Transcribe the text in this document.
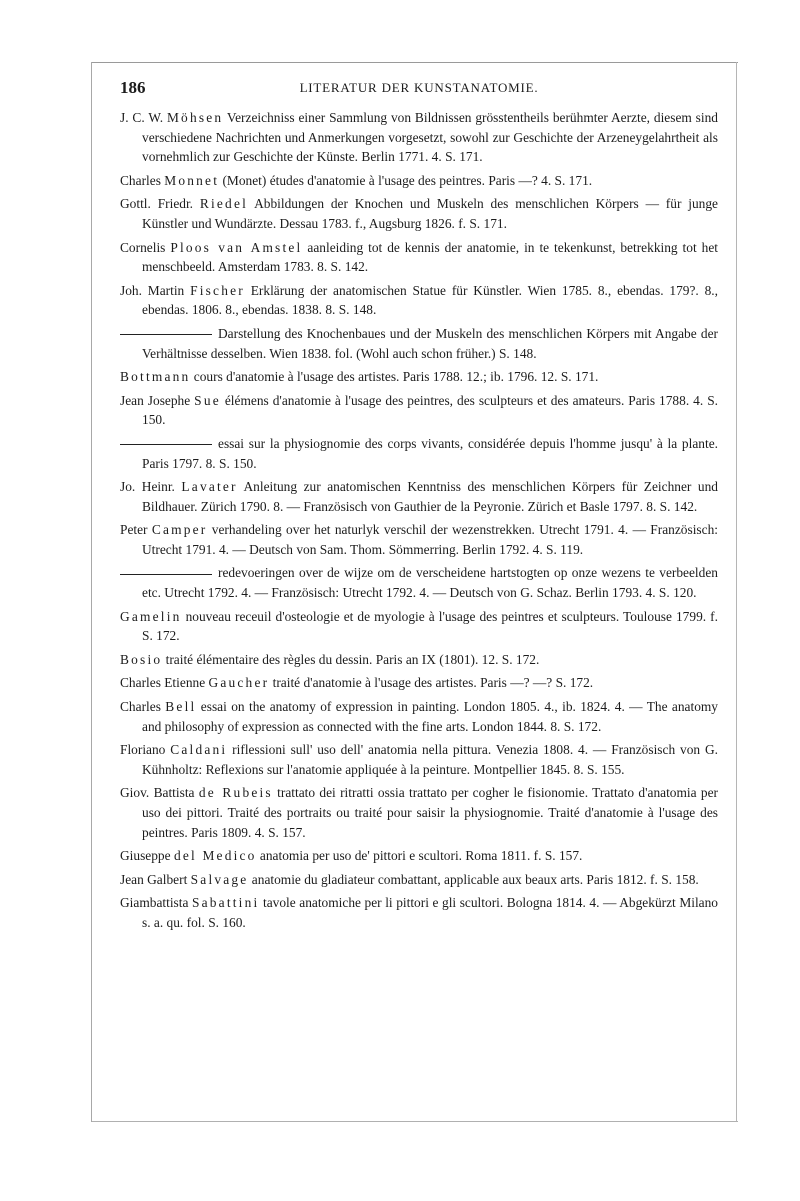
186	LITERATUR DER KUNSTANATOMIE.
J. C. W. Möhsen Verzeichniss einer Sammlung von Bildnissen grösstentheils berühmter Aerzte, diesem sind verschiedene Nachrichten und Anmerkungen vorgesetzt, sowohl zur Geschichte der Arzeneygelahrtheit als vornehmlich zur Geschichte der Künste. Berlin 1771. 4. S. 171.
Charles Monnet (Monet) études d'anatomie à l'usage des peintres. Paris —? 4. S. 171.
Gottl. Friedr. Riedel Abbildungen der Knochen und Muskeln des menschlichen Körpers — für junge Künstler und Wundärzte. Dessau 1783. f., Augsburg 1826. f. S. 171.
Cornelis Ploos van Amstel aanleiding tot de kennis der anatomie, in te tekenkunst, betrekking tot het menschbeeld. Amsterdam 1783. 8. S. 142.
Joh. Martin Fischer Erklärung der anatomischen Statue für Künstler. Wien 1785. 8., ebendas. 179?. 8., ebendas. 1806. 8., ebendas. 1838. 8. S. 148.
Darstellung des Knochenbaues und der Muskeln des menschlichen Körpers mit Angabe der Verhältnisse desselben. Wien 1838. fol. (Wohl auch schon früher.) S. 148.
Bottmann cours d'anatomie à l'usage des artistes. Paris 1788. 12.; ib. 1796. 12. S. 171.
Jean Josephe Sue élémens d'anatomie à l'usage des peintres, des sculpteurs et des amateurs. Paris 1788. 4. S. 150.
essai sur la physiognomie des corps vivants, considérée depuis l'homme jusqu' à la plante. Paris 1797. 8. S. 150.
Jo. Heinr. Lavater Anleitung zur anatomischen Kenntniss des menschlichen Körpers für Zeichner und Bildhauer. Zürich 1790. 8. — Französisch von Gauthier de la Peyronie. Zürich et Basle 1797. 8. S. 142.
Peter Camper verhandeling over het naturlyk verschil der wezenstrekken. Utrecht 1791. 4. — Französisch: Utrecht 1791. 4. — Deutsch von Sam. Thom. Sömmerring. Berlin 1792. 4. S. 119.
redevoeringen over de wijze om de verscheidene hartstogten op onze wezens te verbeelden etc. Utrecht 1792. 4. — Französisch: Utrecht 1792. 4. — Deutsch von G. Schaz. Berlin 1793. 4. S. 120.
Gamelin nouveau receuil d'osteologie et de myologie à l'usage des peintres et sculpteurs. Toulouse 1799. f. S. 172.
Bosio traité élémentaire des règles du dessin. Paris an IX (1801). 12. S. 172.
Charles Etienne Gaucher traité d'anatomie à l'usage des artistes. Paris —? —? S. 172.
Charles Bell essai on the anatomy of expression in painting. London 1805. 4., ib. 1824. 4. — The anatomy and philosophy of expression as connected with the fine arts. London 1844. 8. S. 172.
Floriano Caldani riflessioni sull' uso dell' anatomia nella pittura. Venezia 1808. 4. — Französisch von G. Kühnholtz: Reflexions sur l'anatomie appliquée à la peinture. Montpellier 1845. 8. S. 155.
Giov. Battista de Rubeis trattato dei ritratti ossia trattato per cogher le fisionomie. Trattato d'anatomia per uso dei pittori. Traité des portraits ou traité pour saisir la physiognomie. Traité d'anatomie à l'usage des peintres. Paris 1809. 4. S. 157.
Giuseppe del Medico anatomia per uso de' pittori e scultori. Roma 1811. f. S. 157.
Jean Galbert Salvage anatomie du gladiateur combattant, applicable aux beaux arts. Paris 1812. f. S. 158.
Giambattista Sabattini tavole anatomiche per li pittori e gli scultori. Bologna 1814. 4. — Abgekürzt Milano s. a. qu. fol. S. 160.
